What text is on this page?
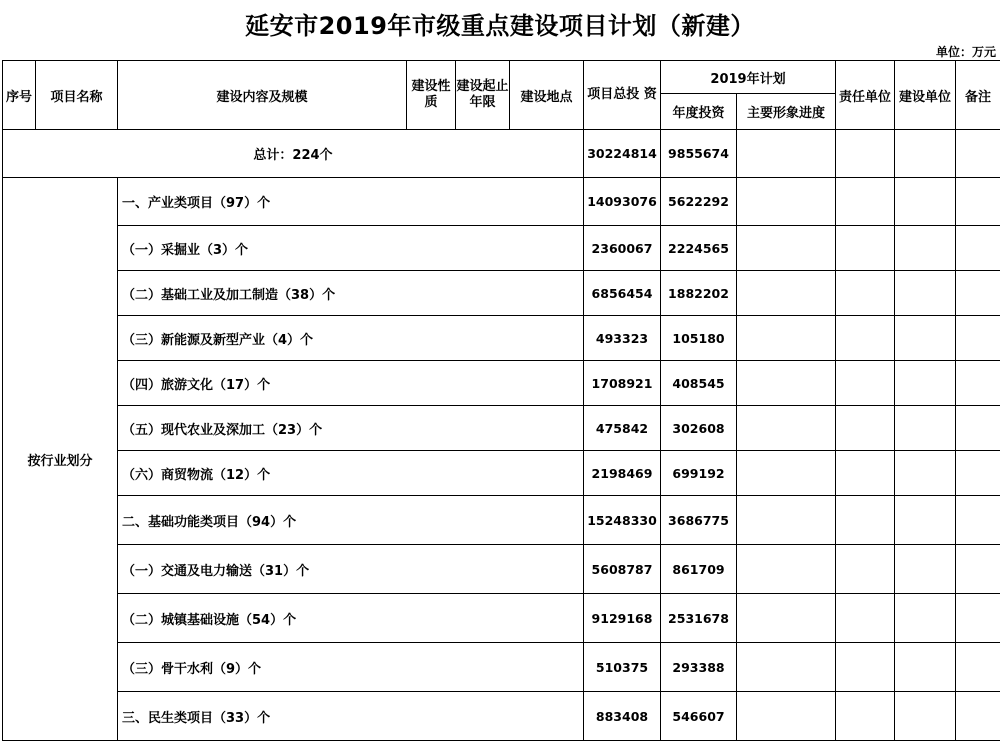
延安市2019年市级重点建设项目计划（新建）
单位：万元
序号	项目名称	建设内容及规模	建设性质	建设起止年限	建设地点	项目总投 资	2019年计划		责任单位	建设单位	备注
							年度投资	主要形象进度			
总计：224个						30224814	9855674				
按行业划分		一、产业类项目（97）个				14093076	5622292				
		（一）采掘业（3）个				2360067	2224565				
		（二）基础工业及加工制造（38）个				6856454	1882202				
		（三）新能源及新型产业（4）个				493323	105180				
		（四）旅游文化（17）个				1708921	408545				
		（五）现代农业及深加工（23）个				475842	302608				
		（六）商贸物流（12）个				2198469	699192				
		二、基础功能类项目（94）个				15248330	3686775				
		（一）交通及电力输送（31）个				5608787	861709				
		（二）城镇基础设施（54）个				9129168	2531678				
		（三）骨干水利（9）个				510375	293388				
		三、民生类项目（33）个				883408	546607				
